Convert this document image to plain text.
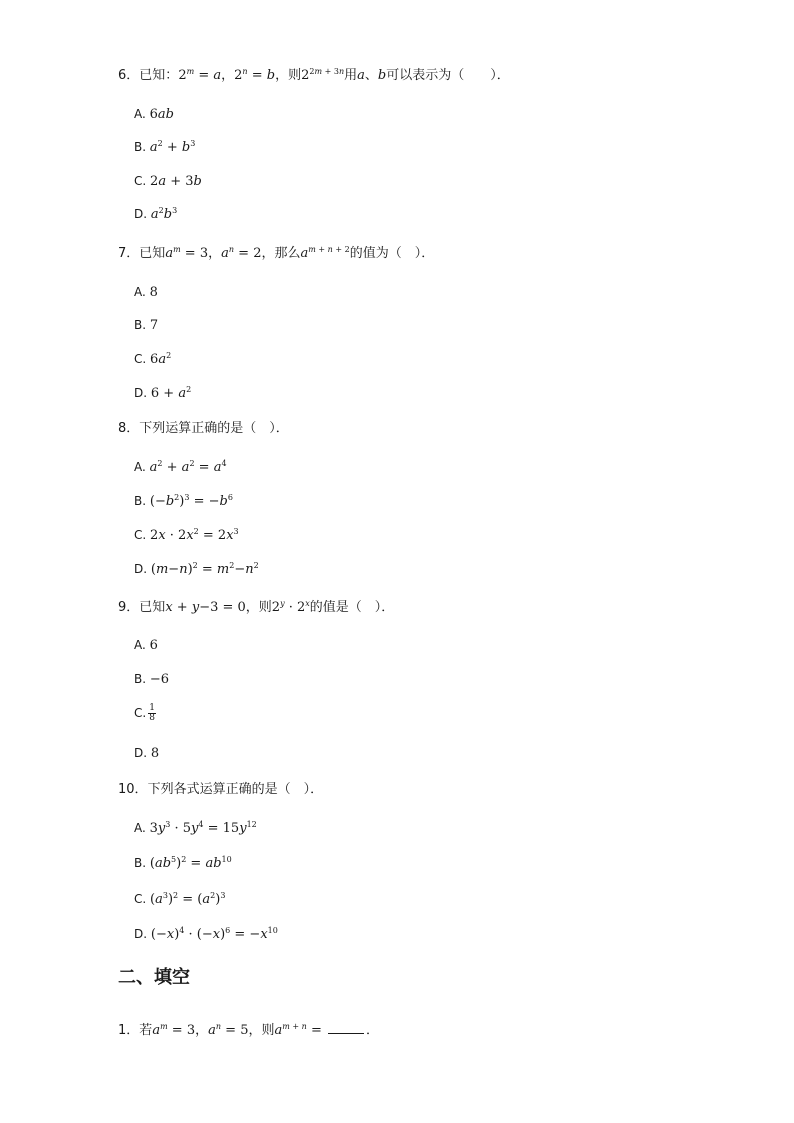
6．已知：$2^m = a$，$2^n = b$，则$2^{2m + 3n}$用a、b可以表示为（　　）．
A. 6ab
B. $a^2 + b^3$
C. 2a + 3b
D. $a^2b^3$
7．已知$a^m = 3$，$a^n = 2$，那么$a^{m + n + 2}$的值为（　）．
A. 8
B. 7
C. $6a^2$
D. $6 + a^2$
8．下列运算正确的是（　）．
A. $a^2 + a^2 = a^4$
B. $(-b^2)^3 = -b^6$
C. $2x \cdot 2x^2 = 2x^3$
D. $(m-n)^2 = m^2-n^2$
9．已知x + y−3 = 0，则$2^y \cdot 2^x$的值是（　）．
A. 6
B. −6
C. $\frac{1}{8}$
D. 8
10．下列各式运算正确的是（　）．
A. $3y^3 \cdot 5y^4 = 15y^{12}$
B. $(ab^5)^2 = ab^{10}$
C. $(a^3)^2 = (a^2)^3$
D. $(-x)^4 \cdot (-x)^6 = -x^{10}$
二、填空
1．若$a^m = 3$，$a^n = 5$，则$a^{m + n}$ =	．
